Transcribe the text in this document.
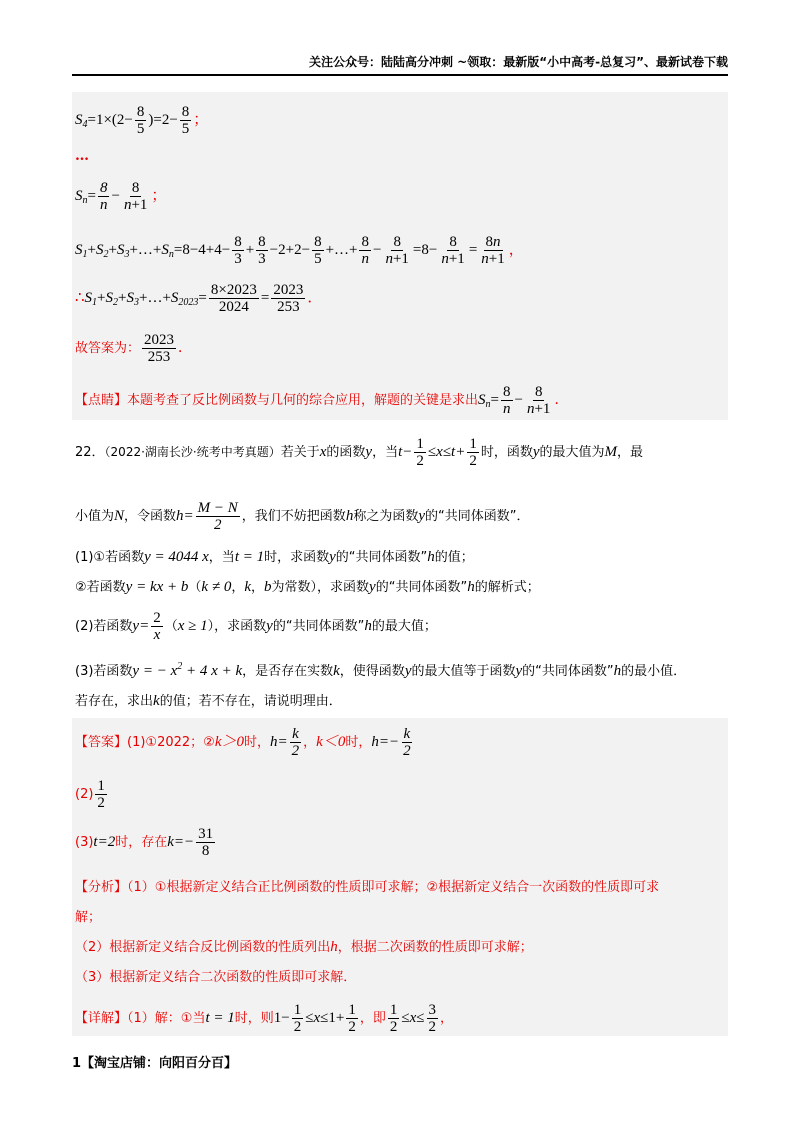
关注公众号：陆陆高分冲刺 ~领取：最新版“小中高考-总复习”、最新试卷下载
$S_4=1\times(2- \frac{8}{5} )=2- \frac{8}{5}$ ；
…
$S_n= \frac{8}{n} - \frac{8}{n+1}$ ；
$S_1+S_2+S_3+\dots+S_n=8-4+4- \frac{8}{3} + \frac{8}{3} -2+2- \frac{8}{5}$ +…+ $\frac{8}{n} - \frac{8}{n+1} =8- \frac{8}{n+1} = \frac{8n}{n+1}$ ，
$\therefore S_1+S_2+S_3+\dots+S_{2023}= \frac{8\times 2023}{2024} = \frac{2023}{253}$ ．
故答案为： $\frac{2023}{253}$ ．
【点睛】本题考查了反比例函数与几何的综合应用，解题的关键是求出$S_n= \frac{8}{n} - \frac{8}{n+1}$ ．
22．（2022·湖南长沙·统考中考真题）若关于x的函数y，当$t- \frac{1}{2} \le x\le t+ \frac{1}{2}$ 时，函数y的最大值为M，最
小值为N，令函数$h= \frac{M - N}{2}$ ，我们不妨把函数h称之为函数y的“共同体函数”．
(1)①若函数y = 4044 x，当t = 1时，求函数y的“共同体函数”h的值；
②若函数y = kx + b（k ≠ 0，k，b为常数），求函数y的“共同体函数”h的解析式；
(2)若函数$y= \frac{2}{x} (x \ge 1)$，求函数y的“共同体函数”h的最大值；
(3)若函数y = − $x^2 + 4$ x + k，是否存在实数k，使得函数y的最大值等于函数y的“共同体函数”h的最小值．
若存在，求出k的值；若不存在，请说明理由．
【答案】(1)①2022；②k＞0时，$h= \frac{k}{2}$ ，k＜0时，$h=- \frac{k}{2}$
$(2) \frac{1}{2}$
(3)t=2时，存在$k=- \frac{31}{8}$
【分析】（1）①根据新定义结合正比例函数的性质即可求解；②根据新定义结合一次函数的性质即可求
解；
（2）根据新定义结合反比例函数的性质列出h，根据二次函数的性质即可求解；
（3）根据新定义结合二次函数的性质即可求解．
【详解】（1）解：①当t = 1时，则$1- \frac{1}{2} \le x\le 1+ \frac{1}{2}$ ，即 $\frac{1}{2} \le x\le \frac{3}{2}$ ，
1【淘宝店铺：向阳百分百】
